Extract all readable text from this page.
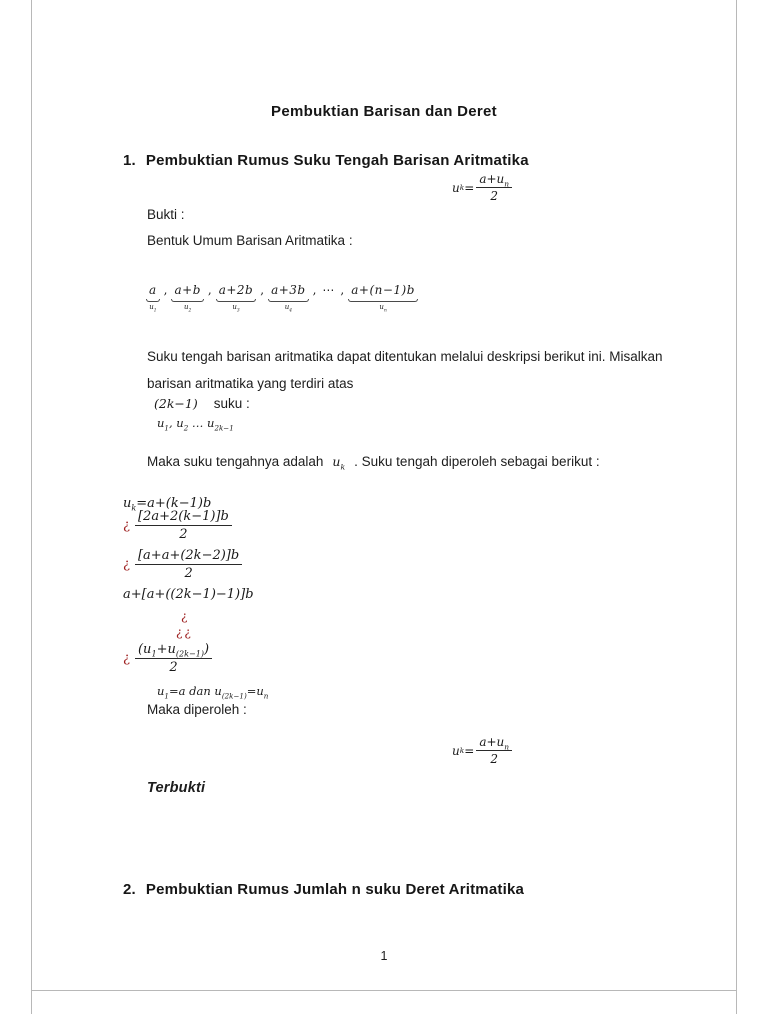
Pembuktian Barisan dan Deret
1. Pembuktian Rumus Suku Tengah Barisan Aritmatika
u $k = \frac{a+u_n}{2}$
Bukti :
Bentuk Umum Barisan Aritmatika :
a
$u_1$
, a+b
$u_2$
, a+2b
$u_3$
, a+3b
$u_4$
, ⋯ , a+(n−1)b
$u_n$
Suku tengah barisan aritmatika dapat ditentukan melalui deskripsi berikut ini. Misalkan barisan aritmatika yang terdiri atas
(2k−1) suku :
$u_1$, $u_2$ … $u_{2k-1}$
Maka suku tengahnya adalah $u_k$ . Suku tengah diperoleh sebagai berikut :
$u_k=a+(k-1)b$
¿ $\frac{[2a+2(k-1)]b}{2}$
¿ $\frac{[a+a+(2k-2)]b}{2}$
a+[a+((2k−1)−1)]b
¿
¿¿
¿ $\frac{(u_1+u_{(2k-1)})}{2}$
$u_1=a$ dan $u_{(2k-1)}=u_n$
Maka diperoleh :
u $k = \frac{a+u_n}{2}$
Terbukti
2. Pembuktian Rumus Jumlah n suku Deret Aritmatika
1
